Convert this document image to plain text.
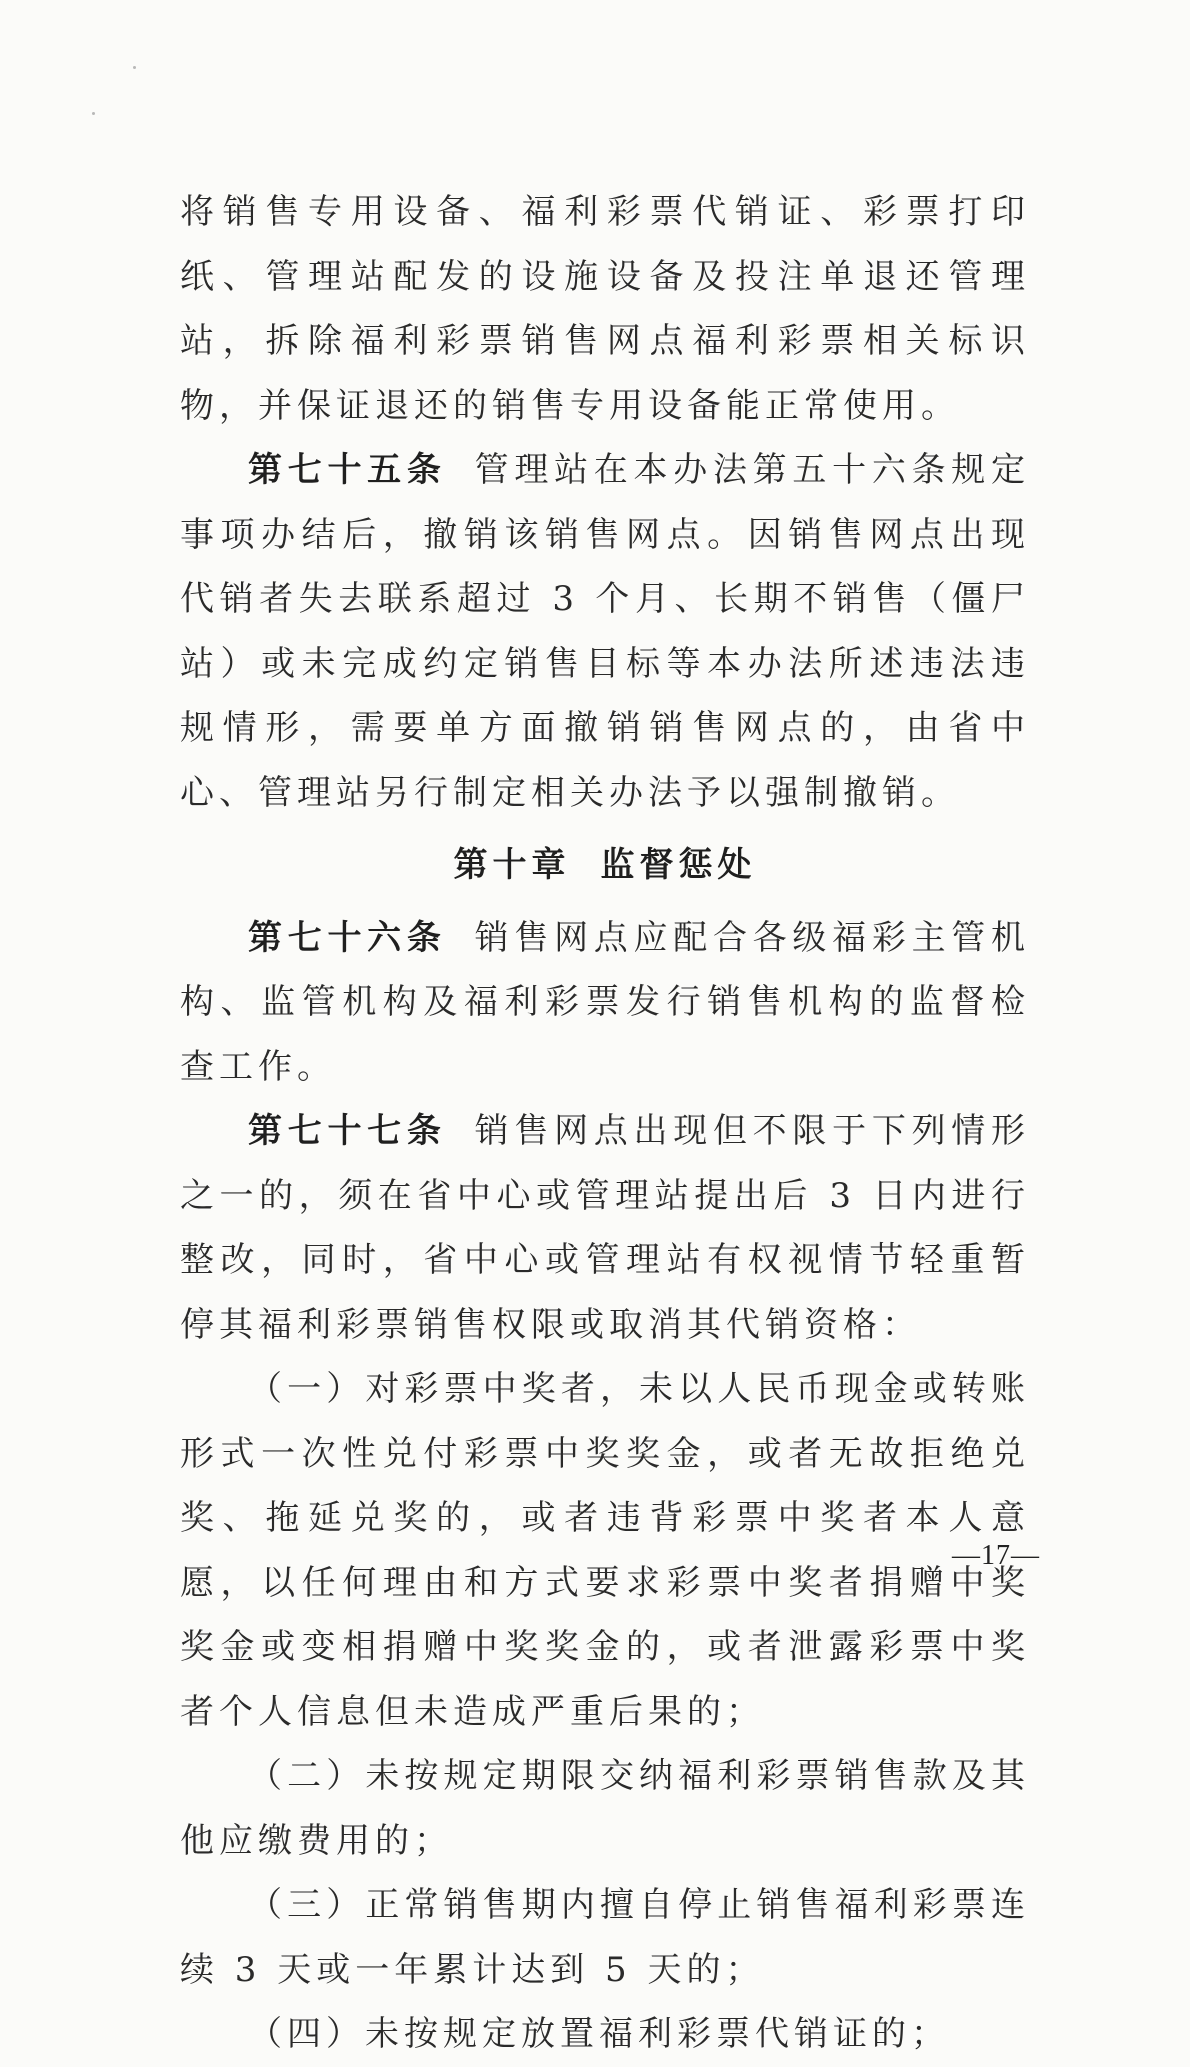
将销售专用设备、福利彩票代销证、彩票打印纸、管理站配发的设施设备及投注单退还管理站，拆除福利彩票销售网点福利彩票相关标识物，并保证退还的销售专用设备能正常使用。

第七十五条 管理站在本办法第五十六条规定事项办结后，撤销该销售网点。因销售网点出现代销者失去联系超过 3 个月、长期不销售（僵尸站）或未完成约定销售目标等本办法所述违法违规情形，需要单方面撤销销售网点的，由省中心、管理站另行制定相关办法予以强制撤销。

第十章 监督惩处

第七十六条 销售网点应配合各级福彩主管机构、监管机构及福利彩票发行销售机构的监督检查工作。

第七十七条 销售网点出现但不限于下列情形之一的，须在省中心或管理站提出后 3 日内进行整改，同时，省中心或管理站有权视情节轻重暂停其福利彩票销售权限或取消其代销资格：

（一）对彩票中奖者，未以人民币现金或转账形式一次性兑付彩票中奖奖金，或者无故拒绝兑奖、拖延兑奖的，或者违背彩票中奖者本人意愿，以任何理由和方式要求彩票中奖者捐赠中奖奖金或变相捐赠中奖奖金的，或者泄露彩票中奖者个人信息但未造成严重后果的；

（二）未按规定期限交纳福利彩票销售款及其他应缴费用的；

（三）正常销售期内擅自停止销售福利彩票连续 3 天或一年累计达到 5 天的；

（四）未按规定放置福利彩票代销证的；

—17—
